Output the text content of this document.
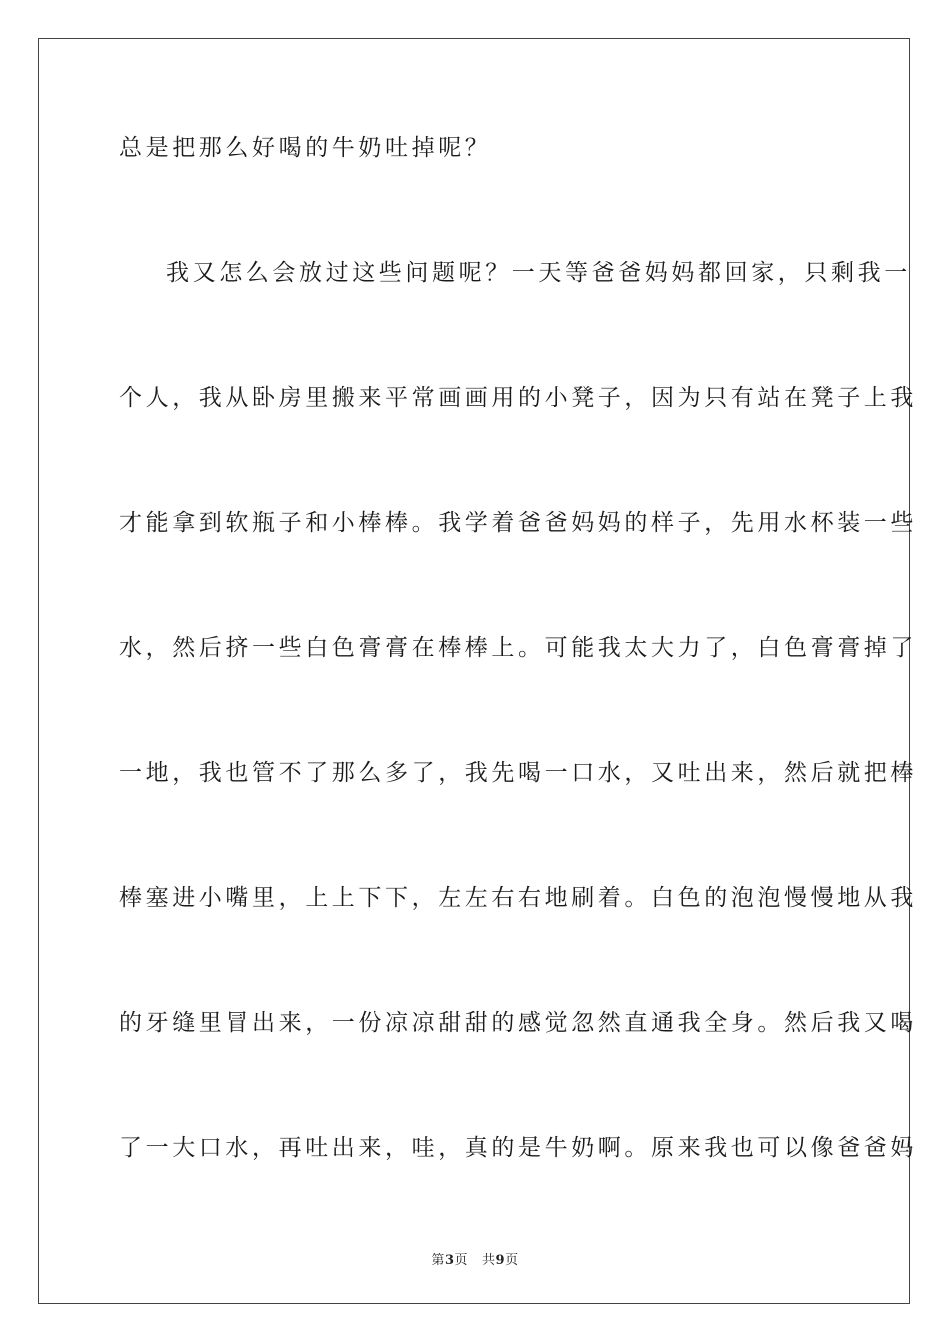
总是把那么好喝的牛奶吐掉呢？
我又怎么会放过这些问题呢？一天等爸爸妈妈都回家，只剩我一
个人，我从卧房里搬来平常画画用的小凳子，因为只有站在凳子上我
才能拿到软瓶子和小棒棒。我学着爸爸妈妈的样子，先用水杯装一些
水，然后挤一些白色膏膏在棒棒上。可能我太大力了，白色膏膏掉了
一地，我也管不了那么多了，我先喝一口水，又吐出来，然后就把棒
棒塞进小嘴里，上上下下，左左右右地刷着。白色的泡泡慢慢地从我
的牙缝里冒出来，一份凉凉甜甜的感觉忽然直通我全身。然后我又喝
了一大口水，再吐出来，哇，真的是牛奶啊。原来我也可以像爸爸妈
第3页 共9页
